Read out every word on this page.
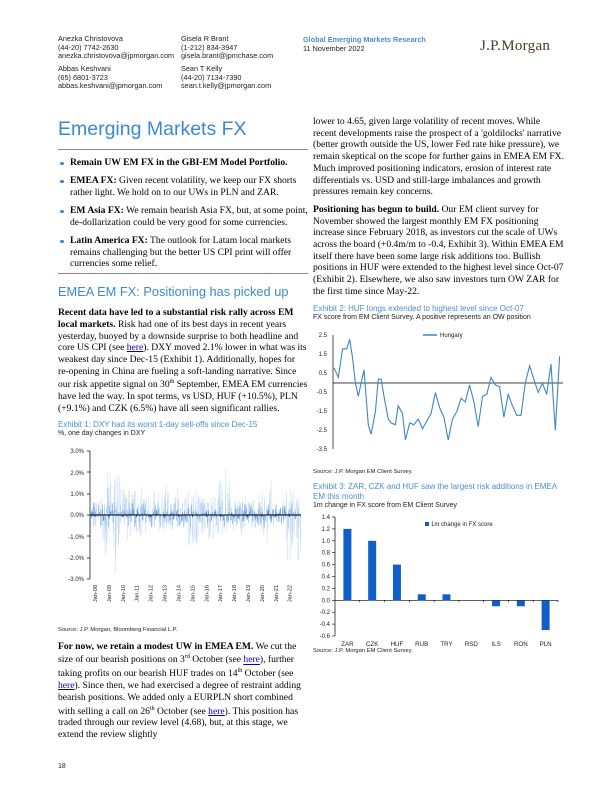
Anezka Christovova
(44-20) 7742-2630
anezka.christovova@jpmorgan.com
Abbas Keshvani
(65) 6801-3723
abbas.keshvani@jpmorgan.com
Gisela R Brant
(1-212) 834-3947
gisela.brant@jpmchase.com
Sean T Kelly
(44-20) 7134-7390
sean.t.kelly@jpmorgan.com
Global Emerging Markets Research
11 November 2022	J.P.Morgan
Emerging Markets FX
Remain UW EM FX in the GBI-EM Model Portfolio.
EMEA FX: Given recent volatility, we keep our FX shorts rather light. We hold on to our UWs in PLN and ZAR.
EM Asia FX: We remain bearish Asia FX, but, at some point, de-dollarization could be very good for some currencies.
Latin America FX: The outlook for Latam local markets remains challenging but the better US CPI print will offer currencies some relief.
EMEA EM FX: Positioning has picked up

Recent data have led to a substantial risk rally across EM local markets. Risk had one of its best days in recent years yesterday, buoyed by a downside surprise to both headline and core US CPI (see here). DXY moved 2.1% lower in what was its weakest day since Dec-15 (Exhibit 1). Additionally, hopes for re-opening in China are fueling a soft-landing narrative. Since our risk appetite signal on 30th September, EMEA EM currencies have led the way. In spot terms, vs USD, HUF (+10.5%), PLN (+9.1%) and CZK (6.5%) have all seen significant rallies.

Exhibit 1: DXY had its worst 1-day sell-offs since Dec-15
%, one day changes in DXY
3.0%
2.0%
1.0%
0.0%
-1.0%
-2.0%
-3.0%
Jan-08 Jan-09 Jan-10 Jan-11 Jan-12 Jan-13 Jan-14 Jan-15 Jan-16 Jan-17 Jan-18 Jan-19 Jan-20 Jan-21 Jan-22
Source: J.P. Morgan, Bloomberg Financial L.P.

For now, we retain a modest UW in EMEA EM. We cut the size of our bearish positions on 3rd October (see here), further taking profits on our bearish HUF trades on 14th October (see here). Since then, we had exercised a degree of restraint adding bearish positions. We added only a EURPLN short combined with selling a call on 26th October (see here). This position has traded through our review level (4.68), but, at this stage, we extend the review slightly

18

lower to 4.65, given large volatility of recent moves. While recent developments raise the prospect of a 'goldilocks' narrative (better growth outside the US, lower Fed rate hike pressure), we remain skeptical on the scope for further gains in EMEA EM FX. Much improved positioning indicators, erosion of interest rate differentials vs. USD and still-large imbalances and growth pressures remain key concerns.

Positioning has begun to build. Our EM client survey for November showed the largest monthly EM FX positioning increase since February 2018, as investors cut the scale of UWs across the board (+0.4m/m to -0.4, Exhibit 3). Within EMEA EM itself there have been some large risk additions too. Bullish positions in HUF were extended to the highest level since Oct-07 (Exhibit 2). Elsewhere, we also saw investors turn OW ZAR for the first time since May-22.

Exhibit 2: HUF longs extended to highest level since Oct-07
FX score from EM Client Survey. A positive represents an OW position
2.5
1.5
0.5
-0.5
-1.5
-2.5
-3.5
Hungary
Source: J.P. Morgan EM Client Survey.
Exhibit 3: ZAR, CZK and HUF saw the largest risk additions in EMEA EM this month
1m change in FX score from EM Client Survey
1.4
1.2
1.0
0.8
0.6
0.4
0.2
0.0
-0.2
-0.4
-0.6
1m change in FX score
ZAR CZK HUF RUB TRY RSD ILS RON PLN
Source: J.P. Morgan EM Client Survey.
